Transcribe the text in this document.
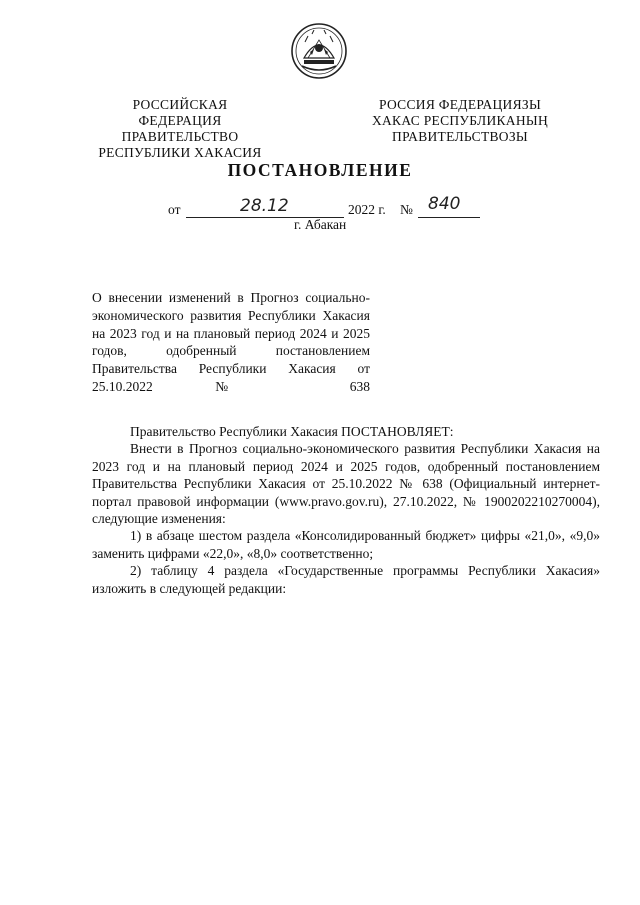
РОССИЙСКАЯ ФЕДЕРАЦИЯ
ПРАВИТЕЛЬСТВО
РЕСПУБЛИКИ ХАКАСИЯ
РОССИЯ ФЕДЕРАЦИЯЗЫ
ХАКАС РЕСПУБЛИКАНЫҢ
ПРАВИТЕЛЬСТВОЗЫ
ПОСТАНОВЛЕНИЕ
от	28.12	2022 г. № 840
г. Абакан
О внесении изменений в Прогноз социально-экономического развития Республики Хакасия на 2023 год и на плановый период 2024 и 2025 годов, одобренный постановлением Правительства Республики Хакасия от 25.10.2022 № 638

Правительство Республики Хакасия ПОСТАНОВЛЯЕТ:

Внести в Прогноз социально-экономического развития Республики Хакасия на 2023 год и на плановый период 2024 и 2025 годов, одобренный постановлением Правительства Республики Хакасия от 25.10.2022 № 638 (Официальный интернет-портал правовой информации (www.pravo.gov.ru), 27.10.2022, № 1900202210270004), следующие изменения:

1) в абзаце шестом раздела «Консолидированный бюджет» цифры «21,0», «9,0» заменить цифрами «22,0», «8,0» соответственно;

2) таблицу 4 раздела «Государственные программы Республики Хакасия» изложить в следующей редакции:
